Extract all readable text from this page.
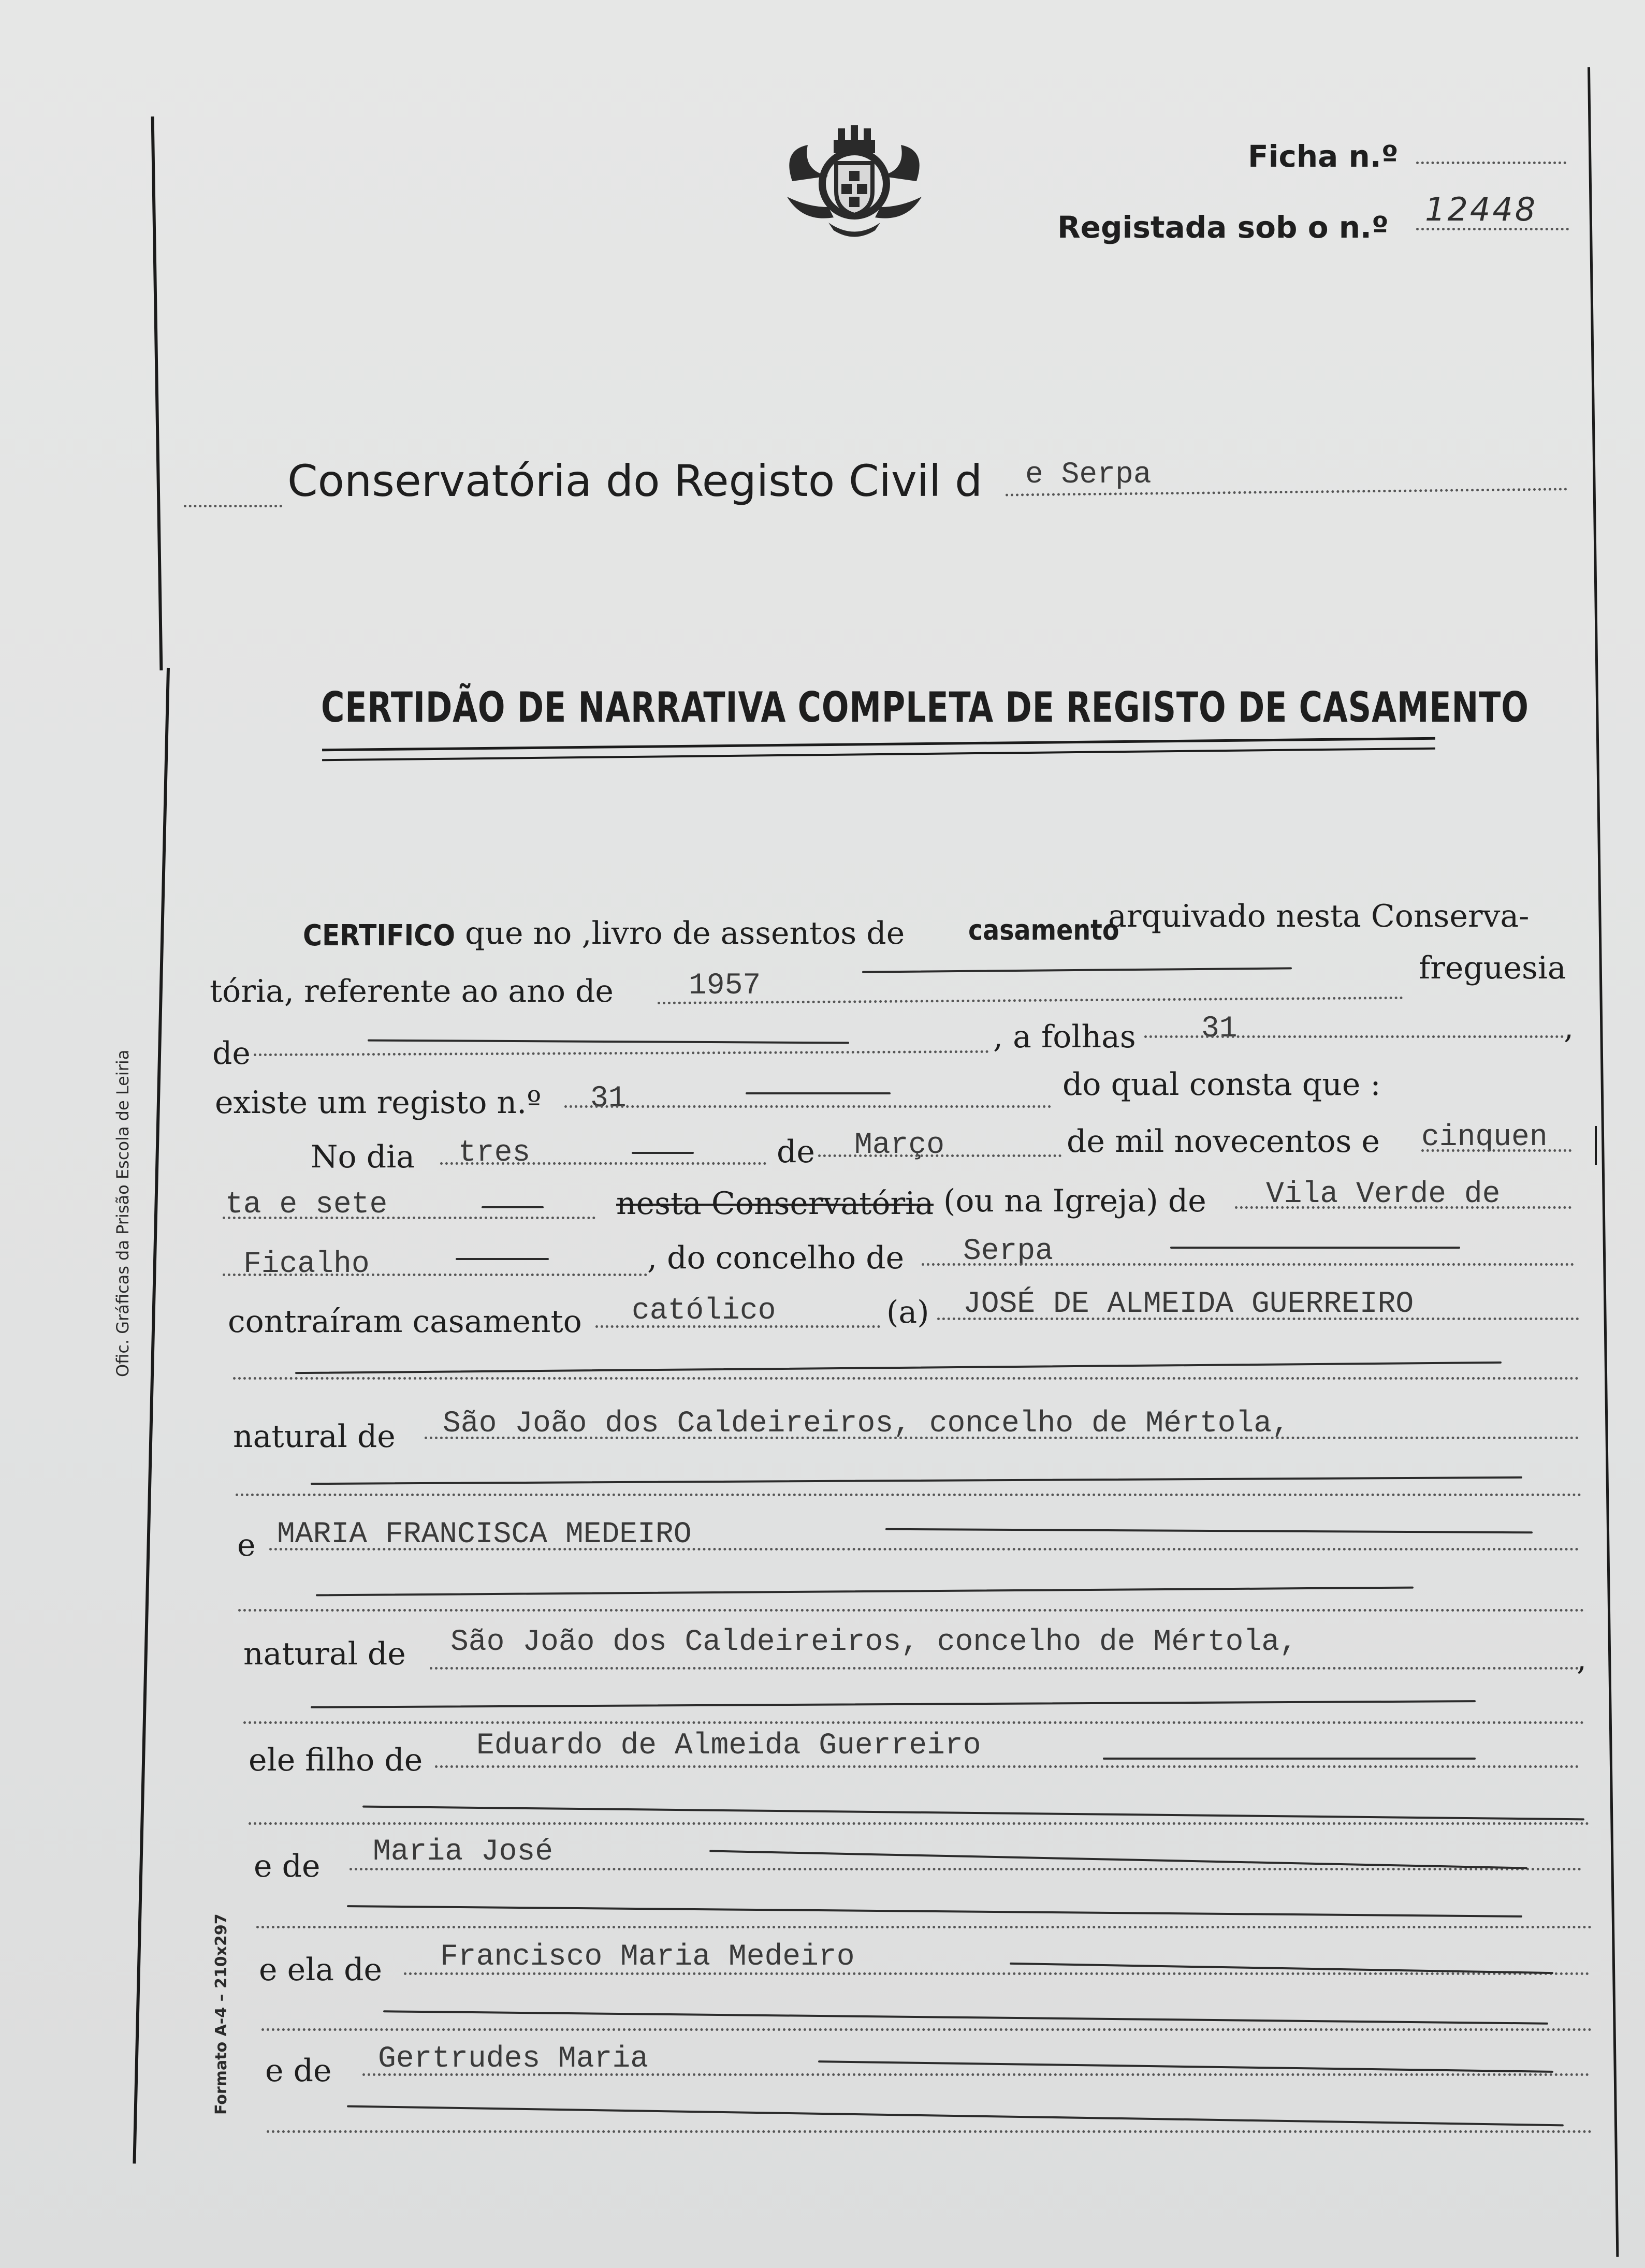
Ficha n.º
Registada sob o n.º 12448
Conservatória do Registo Civil d e Serpa
CERTIDÃO DE NARRATIVA COMPLETA DE REGISTO DE CASAMENTO
CERTIFICO que no ,livro de assentos de casamento
arquivado nesta Conserva-
tória, referente ao ano de	1957	freguesia
de	, a folhas 31	,
existe um registo n.º 31	do qual consta que :
No dia tres	de Março	de mil novecentos e cinquen
ta e sete	nesta Conservatória (ou na Igreja) de Vila Verde de
Ficalho	, do concelho de Serpa
contraíram casamento católico	(a) JOSÉ DE ALMEIDA GUERREIRO
natural de São João dos Caldeireiros, concelho de Mértola,
e MARIA FRANCISCA MEDEIRO
natural de São João dos Caldeireiros, concelho de Mértola,	,
ele filho de Eduardo de Almeida Guerreiro
e de Maria José
e ela de Francisco Maria Medeiro
e de Gertrudes Maria
Ofic. Gráficas da Prisão Escola de Leiria
Formato A-4 – 210x297
